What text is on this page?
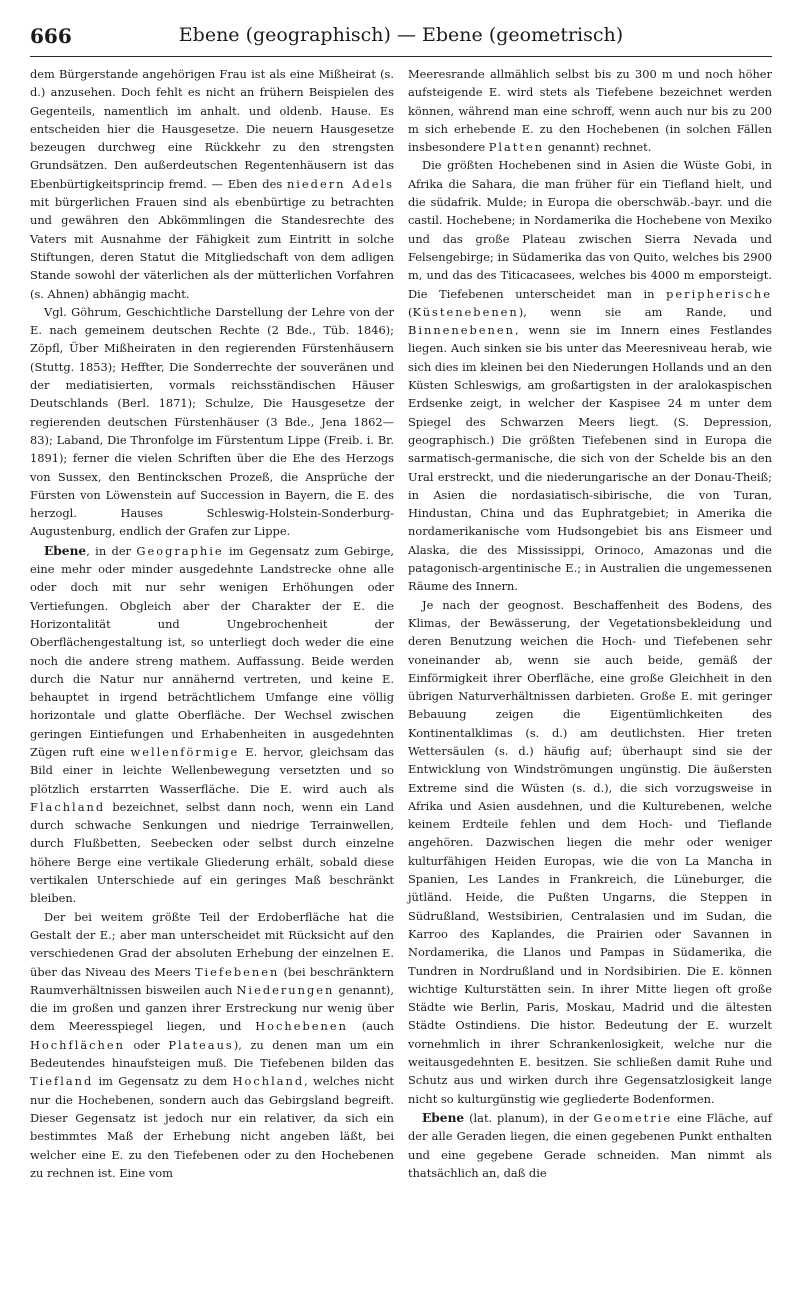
666	Ebene (geographisch) — Ebene (geometrisch)

dem Bürgerstande angehörigen Frau ist als eine Mißheirat (s. d.) anzusehen. Doch fehlt es nicht an frühern Beispielen des Gegenteils, namentlich im anhalt. und oldenb. Hause. Es entscheiden hier die Hausgesetze. Die neuern Hausgesetze bezeugen durchweg eine Rückkehr zu den strengsten Grundsätzen. Den außerdeutschen Regentenhäusern ist das Ebenbürtigkeitsprincip fremd. — Eben des niedern Adels mit bürgerlichen Frauen sind als ebenbürtige zu betrachten und gewähren den Abkömmlingen die Standesrechte des Vaters mit Ausnahme der Fähigkeit zum Eintritt in solche Stiftungen, deren Statut die Mitgliedschaft von dem adligen Stande sowohl der väterlichen als der mütterlichen Vorfahren (s. Ahnen) abhängig macht.

Vgl. Göhrum, Geschichtliche Darstellung der Lehre von der E. nach gemeinem deutschen Rechte (2 Bde., Tüb. 1846); Zöpfl, Über Mißheiraten in den regierenden Fürstenhäusern (Stuttg. 1853); Heffter, Die Sonderrechte der souveränen und der mediatisierten, vormals reichsständischen Häuser Deutschlands (Berl. 1871); Schulze, Die Hausgesetze der regierenden deutschen Fürstenhäuser (3 Bde., Jena 1862—83); Laband, Die Thronfolge im Fürstentum Lippe (Freib. i. Br. 1891); ferner die vielen Schriften über die Ehe des Herzogs von Sussex, den Bentinckschen Prozeß, die Ansprüche der Fürsten von Löwenstein auf Succession in Bayern, die E. des herzogl. Hauses Schleswig-Holstein-Sonderburg-Augustenburg, endlich der Grafen zur Lippe.

Ebene, in der Geographie im Gegensatz zum Gebirge, eine mehr oder minder ausgedehnte Landstrecke ohne alle oder doch mit nur sehr wenigen Erhöhungen oder Vertiefungen. Obgleich aber der Charakter der E. die Horizontalität und Ungebrochenheit der Oberflächengestaltung ist, so unterliegt doch weder die eine noch die andere streng mathem. Auffassung. Beide werden durch die Natur nur annähernd vertreten, und keine E. behauptet in irgend beträchtlichem Umfange eine völlig horizontale und glatte Oberfläche. Der Wechsel zwischen geringen Eintiefungen und Erhabenheiten in ausgedehnten Zügen ruft eine wellenförmige E. hervor, gleichsam das Bild einer in leichte Wellenbewegung versetzten und so plötzlich erstarrten Wasserfläche. Die E. wird auch als Flachland bezeichnet, selbst dann noch, wenn ein Land durch schwache Senkungen und niedrige Terrainwellen, durch Flußbetten, Seebecken oder selbst durch einzelne höhere Berge eine vertikale Gliederung erhält, sobald diese vertikalen Unterschiede auf ein geringes Maß beschränkt bleiben.

Der bei weitem größte Teil der Erdoberfläche hat die Gestalt der E.; aber man unterscheidet mit Rücksicht auf den verschiedenen Grad der absoluten Erhebung der einzelnen E. über das Niveau des Meers Tiefebenen (bei beschränktern Raumverhältnissen bisweilen auch Niederungen genannt), die im großen und ganzen ihrer Erstreckung nur wenig über dem Meeresspiegel liegen, und Hochebenen (auch Hochflächen oder Plateaus), zu denen man um ein Bedeutendes hinaufsteigen muß. Die Tiefebenen bilden das Tiefland im Gegensatz zu dem Hochland, welches nicht nur die Hochebenen, sondern auch das Gebirgsland begreift. Dieser Gegensatz ist jedoch nur ein relativer, da sich ein bestimmtes Maß der Erhebung nicht angeben läßt, bei welcher eine E. zu den Tiefebenen oder zu den Hochebenen zu rechnen ist. Eine vom

Meeresrande allmählich selbst bis zu 300 m und noch höher aufsteigende E. wird stets als Tiefebene bezeichnet werden können, während man eine schroff, wenn auch nur bis zu 200 m sich erhebende E. zu den Hochebenen (in solchen Fällen insbesondere Platten genannt) rechnet.

Die größten Hochebenen sind in Asien die Wüste Gobi, in Afrika die Sahara, die man früher für ein Tiefland hielt, und die südafrik. Mulde; in Europa die oberschwäb.-bayr. und die castil. Hochebene; in Nordamerika die Hochebene von Mexiko und das große Plateau zwischen Sierra Nevada und Felsengebirge; in Südamerika das von Quito, welches bis 2900 m, und das des Titicacasees, welches bis 4000 m emporsteigt. Die Tiefebenen unterscheidet man in peripherische (Küstenebenen), wenn sie am Rande, und Binnenebenen, wenn sie im Innern eines Festlandes liegen. Auch sinken sie bis unter das Meeresniveau herab, wie sich dies im kleinen bei den Niederungen Hollands und an den Küsten Schleswigs, am großartigsten in der aralokaspischen Erdsenke zeigt, in welcher der Kaspisee 24 m unter dem Spiegel des Schwarzen Meers liegt. (S. Depression, geographisch.) Die größten Tiefebenen sind in Europa die sarmatisch-germanische, die sich von der Schelde bis an den Ural erstreckt, und die niederungarische an der Donau-Theiß; in Asien die nordasiatisch-sibirische, die von Turan, Hindustan, China und das Euphratgebiet; in Amerika die nordamerikanische vom Hudsongebiet bis ans Eismeer und Alaska, die des Mississippi, Orinoco, Amazonas und die patagonisch-argentinische E.; in Australien die ungemessenen Räume des Innern.

Je nach der geognost. Beschaffenheit des Bodens, des Klimas, der Bewässerung, der Vegetationsbekleidung und deren Benutzung weichen die Hoch- und Tiefebenen sehr voneinander ab, wenn sie auch beide, gemäß der Einförmigkeit ihrer Oberfläche, eine große Gleichheit in den übrigen Naturverhältnissen darbieten. Große E. mit geringer Bebauung zeigen die Eigentümlichkeiten des Kontinentalklimas (s. d.) am deutlichsten. Hier treten Wettersäulen (s. d.) häufig auf; überhaupt sind sie der Entwicklung von Windströmungen ungünstig. Die äußersten Extreme sind die Wüsten (s. d.), die sich vorzugsweise in Afrika und Asien ausdehnen, und die Kulturebenen, welche keinem Erdteile fehlen und dem Hoch- und Tieflande angehören. Dazwischen liegen die mehr oder weniger kulturfähigen Heiden Europas, wie die von La Mancha in Spanien, Les Landes in Frankreich, die Lüneburger, die jütländ. Heide, die Pußten Ungarns, die Steppen in Südrußland, Westsibirien, Centralasien und im Sudan, die Karroo des Kaplandes, die Prairien oder Savannen in Nordamerika, die Llanos und Pampas in Südamerika, die Tundren in Nordrußland und in Nordsibirien. Die E. können wichtige Kulturstätten sein. In ihrer Mitte liegen oft große Städte wie Berlin, Paris, Moskau, Madrid und die ältesten Städte Ostindiens. Die histor. Bedeutung der E. wurzelt vornehmlich in ihrer Schrankenlosigkeit, welche nur die weitausgedehnten E. besitzen. Sie schließen damit Ruhe und Schutz aus und wirken durch ihre Gegensatzlosigkeit lange nicht so kulturgünstig wie gegliederte Bodenformen.

Ebene (lat. planum), in der Geometrie eine Fläche, auf der alle Geraden liegen, die einen gegebenen Punkt enthalten und eine gegebene Gerade schneiden. Man nimmt als thatsächlich an, daß die
